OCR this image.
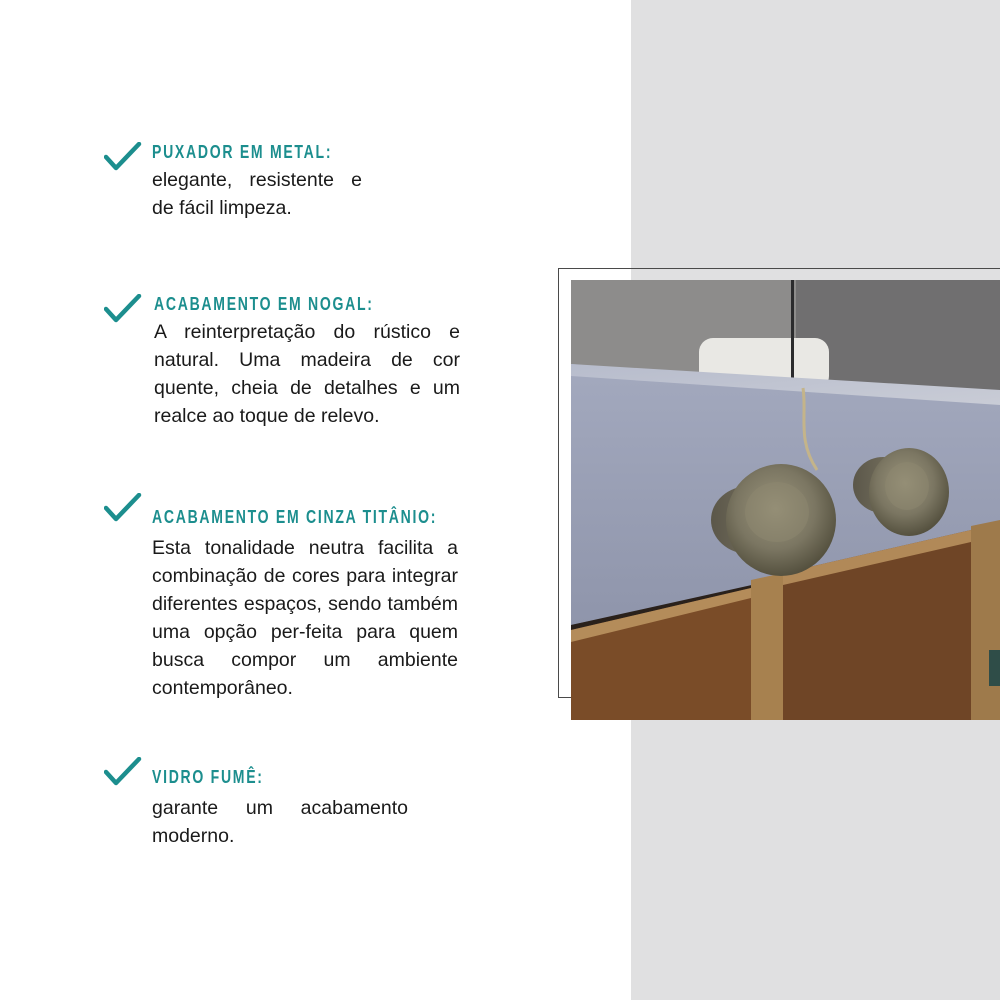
PUXADOR EM METAL:

elegante, resistente e de fácil limpeza.

ACABAMENTO EM NOGAL:

A reinterpretação do rústico e natural. Uma madeira de cor quente, cheia de detalhes e um realce ao toque de relevo.

ACABAMENTO EM CINZA TITÂNIO:

Esta tonalidade neutra facilita a combinação de cores para integrar diferentes espaços, sendo também uma opção per-feita para quem busca compor um ambiente contemporâneo.

VIDRO FUMÊ:

garante um acabamento moderno.
